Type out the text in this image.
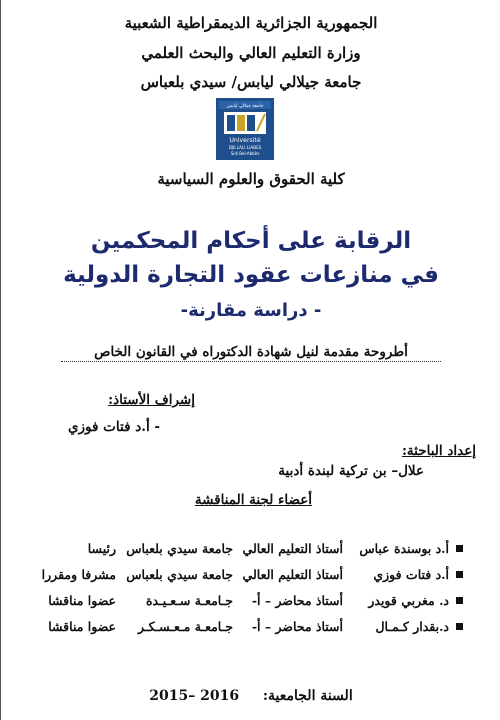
الجمهورية الجزائرية الديمقراطية الشعبية
وزارة التعليم العالي والبحث العلمي
جامعة جيلالي ليابس/ سيدي بلعباس
جامعة جيلالي ليابس
Université
DJILLALI LIABES
Sidi Bel-Abbès
كلية الحقوق والعلوم السياسية
الرقابة على أحكام المحكمين
في منازعات عقود التجارة الدولية
- دراسة مقارنة-
أطروحة مقدمة لنيل شهادة الدكتوراه في القانون الخاص
إشراف الأستاذ:
- أ.د فتات فوزي
إعداد الباحثة:
علال– بن تركية لبندة أدبية
أعضاء لجنة المناقشة
أ.د بوسندة عباس
أستاذ التعليم العالي
جامعة سيدي بلعباس
رئيسا
أ.د فتات فوزي
أستاذ التعليم العالي
جامعة سيدي بلعباس
مشرفا ومقررا
د. مغربي قويدر
أستاذ محاضر – أ-
جـامعـة سـعـيـدة
عضوا مناقشا
د.بقدار كـمـال
أستاذ محاضر – أ-
جـامعـة مـعـسـكـر
عضوا مناقشا
السنة الجامعية:  2015– 2016
